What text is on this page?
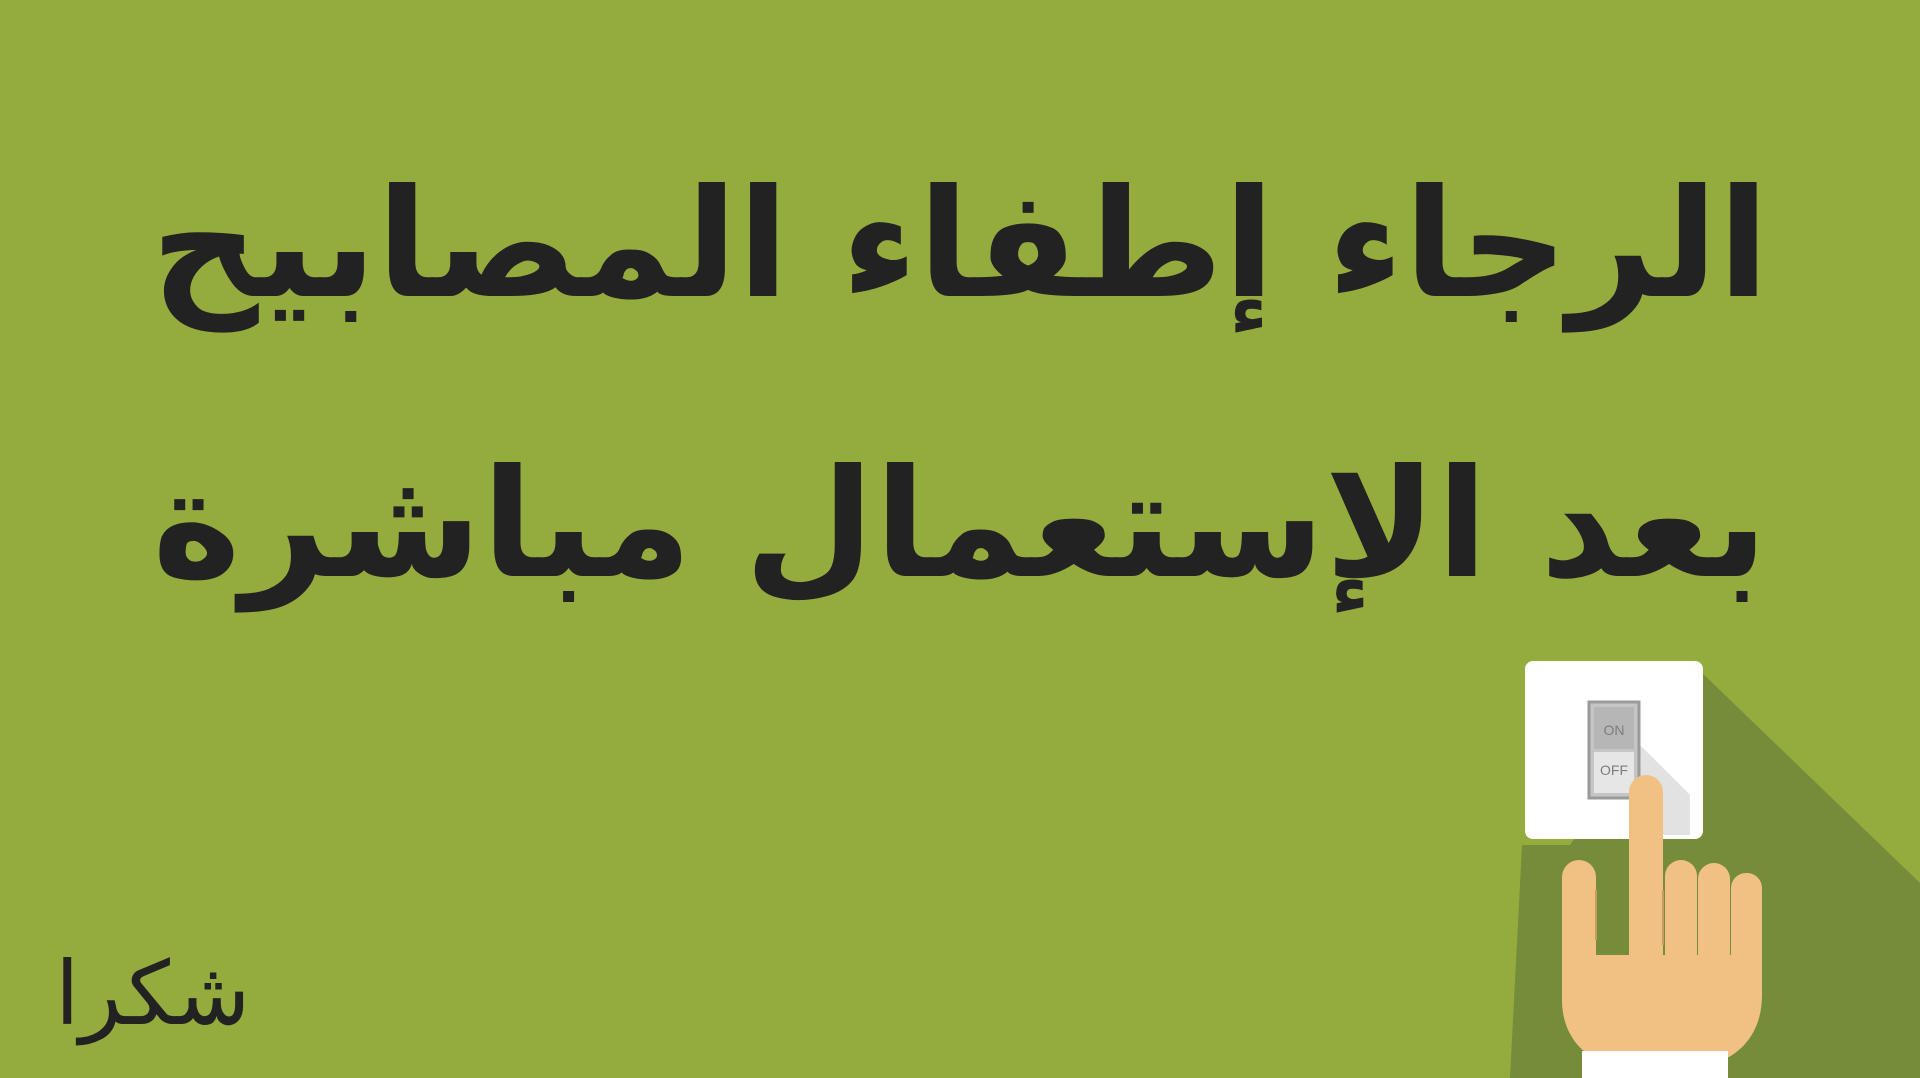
الرجاء إطفاء المصابيح
بعد الإستعمال مباشرة
شكرا
ON
OFF
